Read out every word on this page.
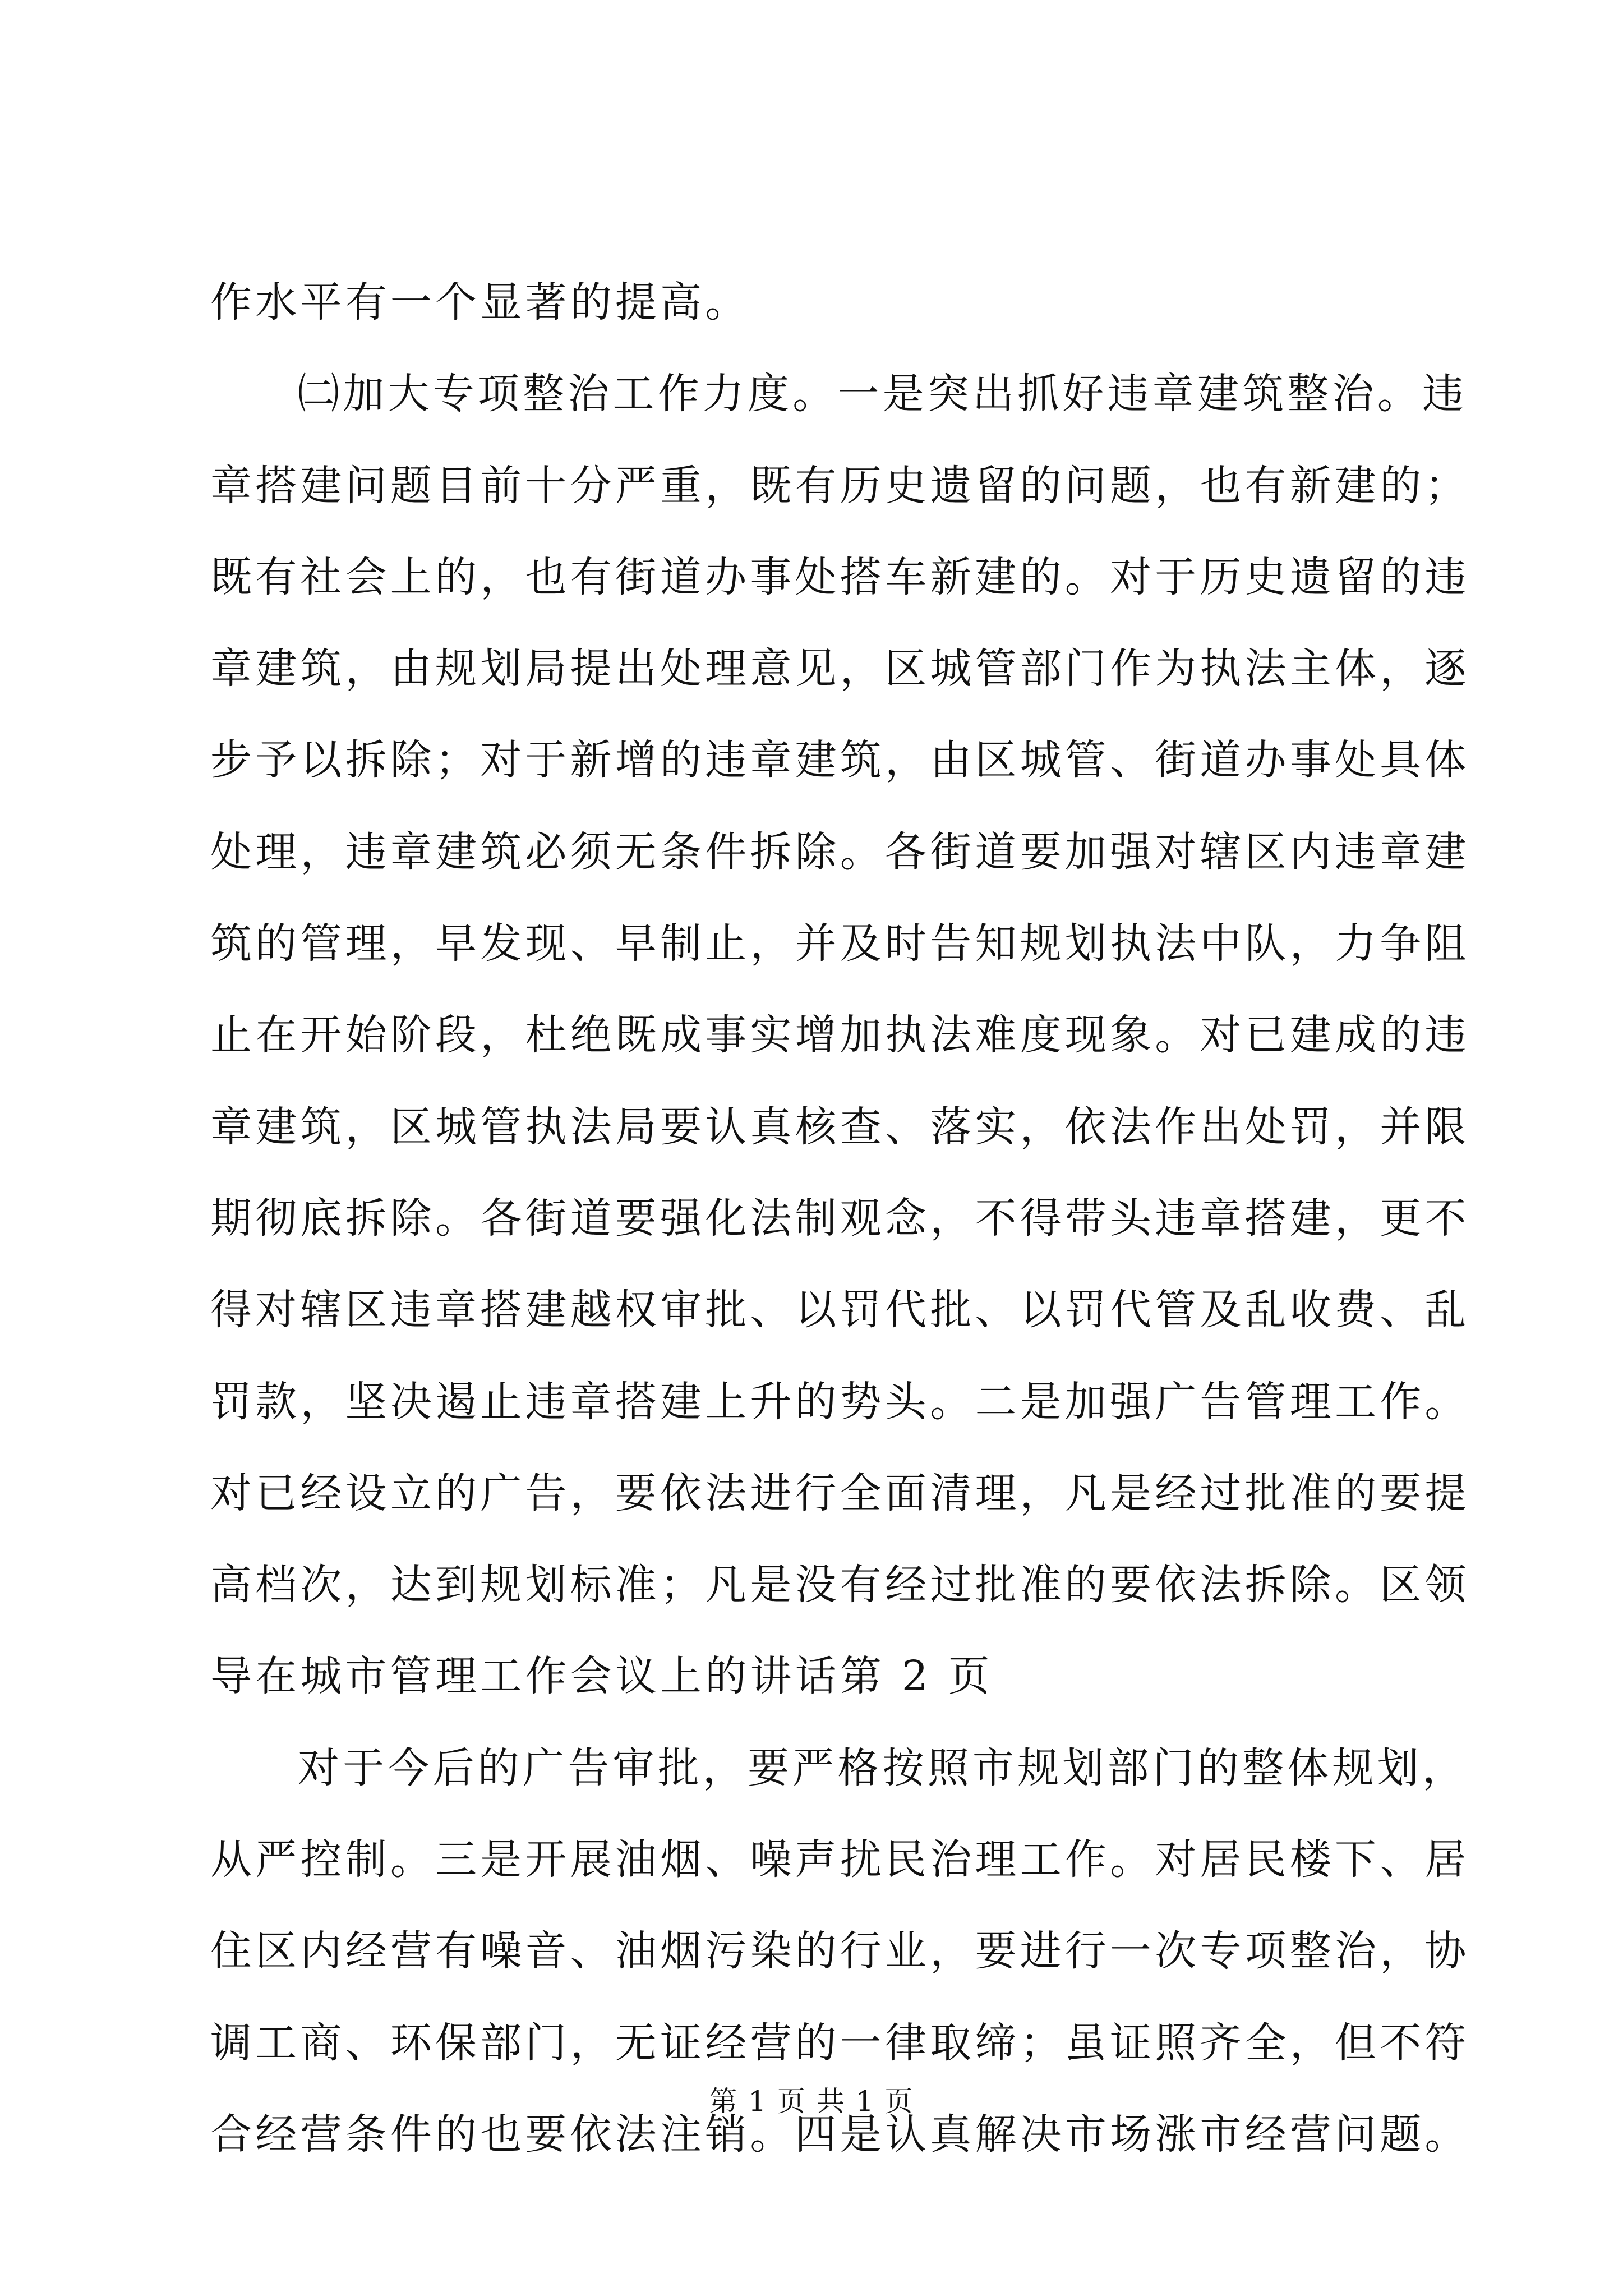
作水平有一个显著的提高。
㈡加大专项整治工作力度。一是突出抓好违章建筑整治。违
章搭建问题目前十分严重，既有历史遗留的问题，也有新建的；
既有社会上的，也有街道办事处搭车新建的。对于历史遗留的违
章建筑，由规划局提出处理意见，区城管部门作为执法主体，逐
步予以拆除；对于新增的违章建筑，由区城管、街道办事处具体
处理，违章建筑必须无条件拆除。各街道要加强对辖区内违章建
筑的管理，早发现、早制止，并及时告知规划执法中队，力争阻
止在开始阶段，杜绝既成事实增加执法难度现象。对已建成的违
章建筑，区城管执法局要认真核查、落实，依法作出处罚，并限
期彻底拆除。各街道要强化法制观念，不得带头违章搭建，更不
得对辖区违章搭建越权审批、以罚代批、以罚代管及乱收费、乱
罚款，坚决遏止违章搭建上升的势头。二是加强广告管理工作。
对已经设立的广告，要依法进行全面清理，凡是经过批准的要提
高档次，达到规划标准；凡是没有经过批准的要依法拆除。区领
导在城市管理工作会议上的讲话第 2 页
对于今后的广告审批，要严格按照市规划部门的整体规划，
从严控制。三是开展油烟、噪声扰民治理工作。对居民楼下、居
住区内经营有噪音、油烟污染的行业，要进行一次专项整治，协
调工商、环保部门，无证经营的一律取缔；虽证照齐全，但不符
合经营条件的也要依法注销。四是认真解决市场涨市经营问题。
第 1 页 共 1 页
